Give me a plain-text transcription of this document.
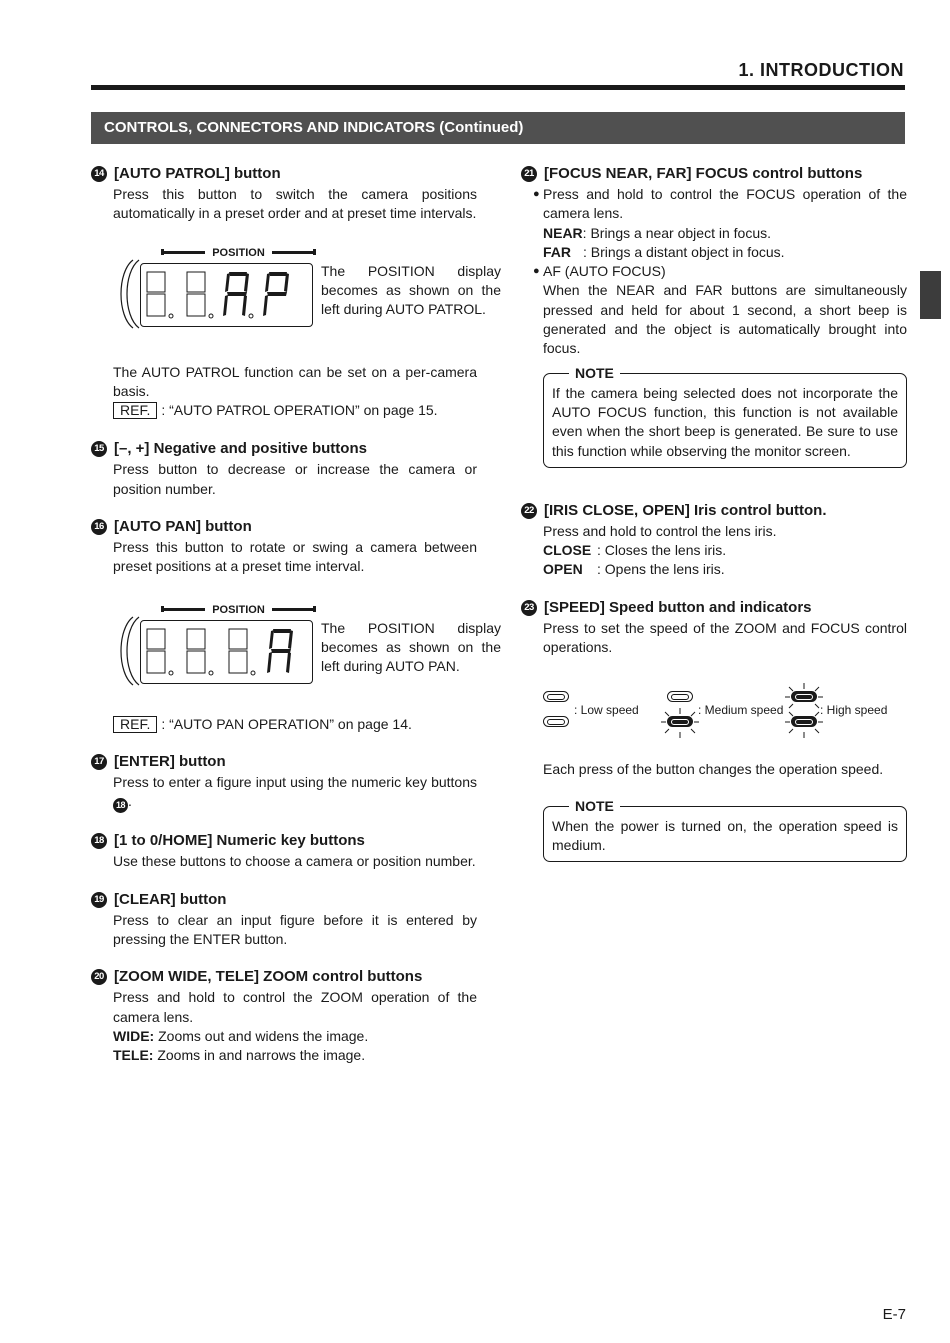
1. INTRODUCTION
CONTROLS, CONNECTORS AND INDICATORS (Continued)
14 [AUTO PATROL] button

Press this button to switch the camera positions automatically in a preset order and at preset time intervals.

POSITION
The POSITION display becomes as shown on the left during AUTO PATROL.

The AUTO PATROL function can be set on a per-camera basis.

REF. : “AUTO PATROL OPERATION” on page 15.

15 [–, +] Negative and positive buttons

Press button to decrease or increase the camera or position number.

16 [AUTO PAN] button

Press this button to rotate or swing a camera between preset positions at a preset time interval.

POSITION
The POSITION display becomes as shown on the left during AUTO PAN.

REF. : “AUTO PAN OPERATION” on page 14.

17 [ENTER] button

Press to enter a figure input using the numeric key buttons 18 .

18 [1 to 0/HOME] Numeric key buttons

Use these buttons to choose a camera or position number.

19 [CLEAR] button

Press to clear an input figure before it is entered by pressing the ENTER button.

20 [ZOOM WIDE, TELE] ZOOM control buttons

Press and hold to control the ZOOM operation of the camera lens.

WIDE: Zooms out and widens the image.

TELE: Zooms in and narrows the image.

21 [FOCUS NEAR, FAR] FOCUS control buttons
● Press and hold to control the FOCUS operation of the camera lens.

NEAR: Brings a near object in focus.

FAR : Brings a distant object in focus.

● AF (AUTO FOCUS)

When the NEAR and FAR buttons are simultaneously pressed and held for about 1 second, a short beep is generated and the object is automatically brought into focus.

NOTE

If the camera being selected does not incorporate the AUTO FOCUS function, this function is not available even when the short beep is generated. Be sure to use this function while observing the monitor screen.

22 [IRIS CLOSE, OPEN] Iris control button.

Press and hold to control the lens iris.

CLOSE : Closes the lens iris.

OPEN : Opens the lens iris.

23 [SPEED] Speed button and indicators

Press to set the speed of the ZOOM and FOCUS control operations.

: Low speed	: Medium speed	: High speed

Each press of the button changes the operation speed.

NOTE

When the power is turned on, the operation speed is medium.

E-7
